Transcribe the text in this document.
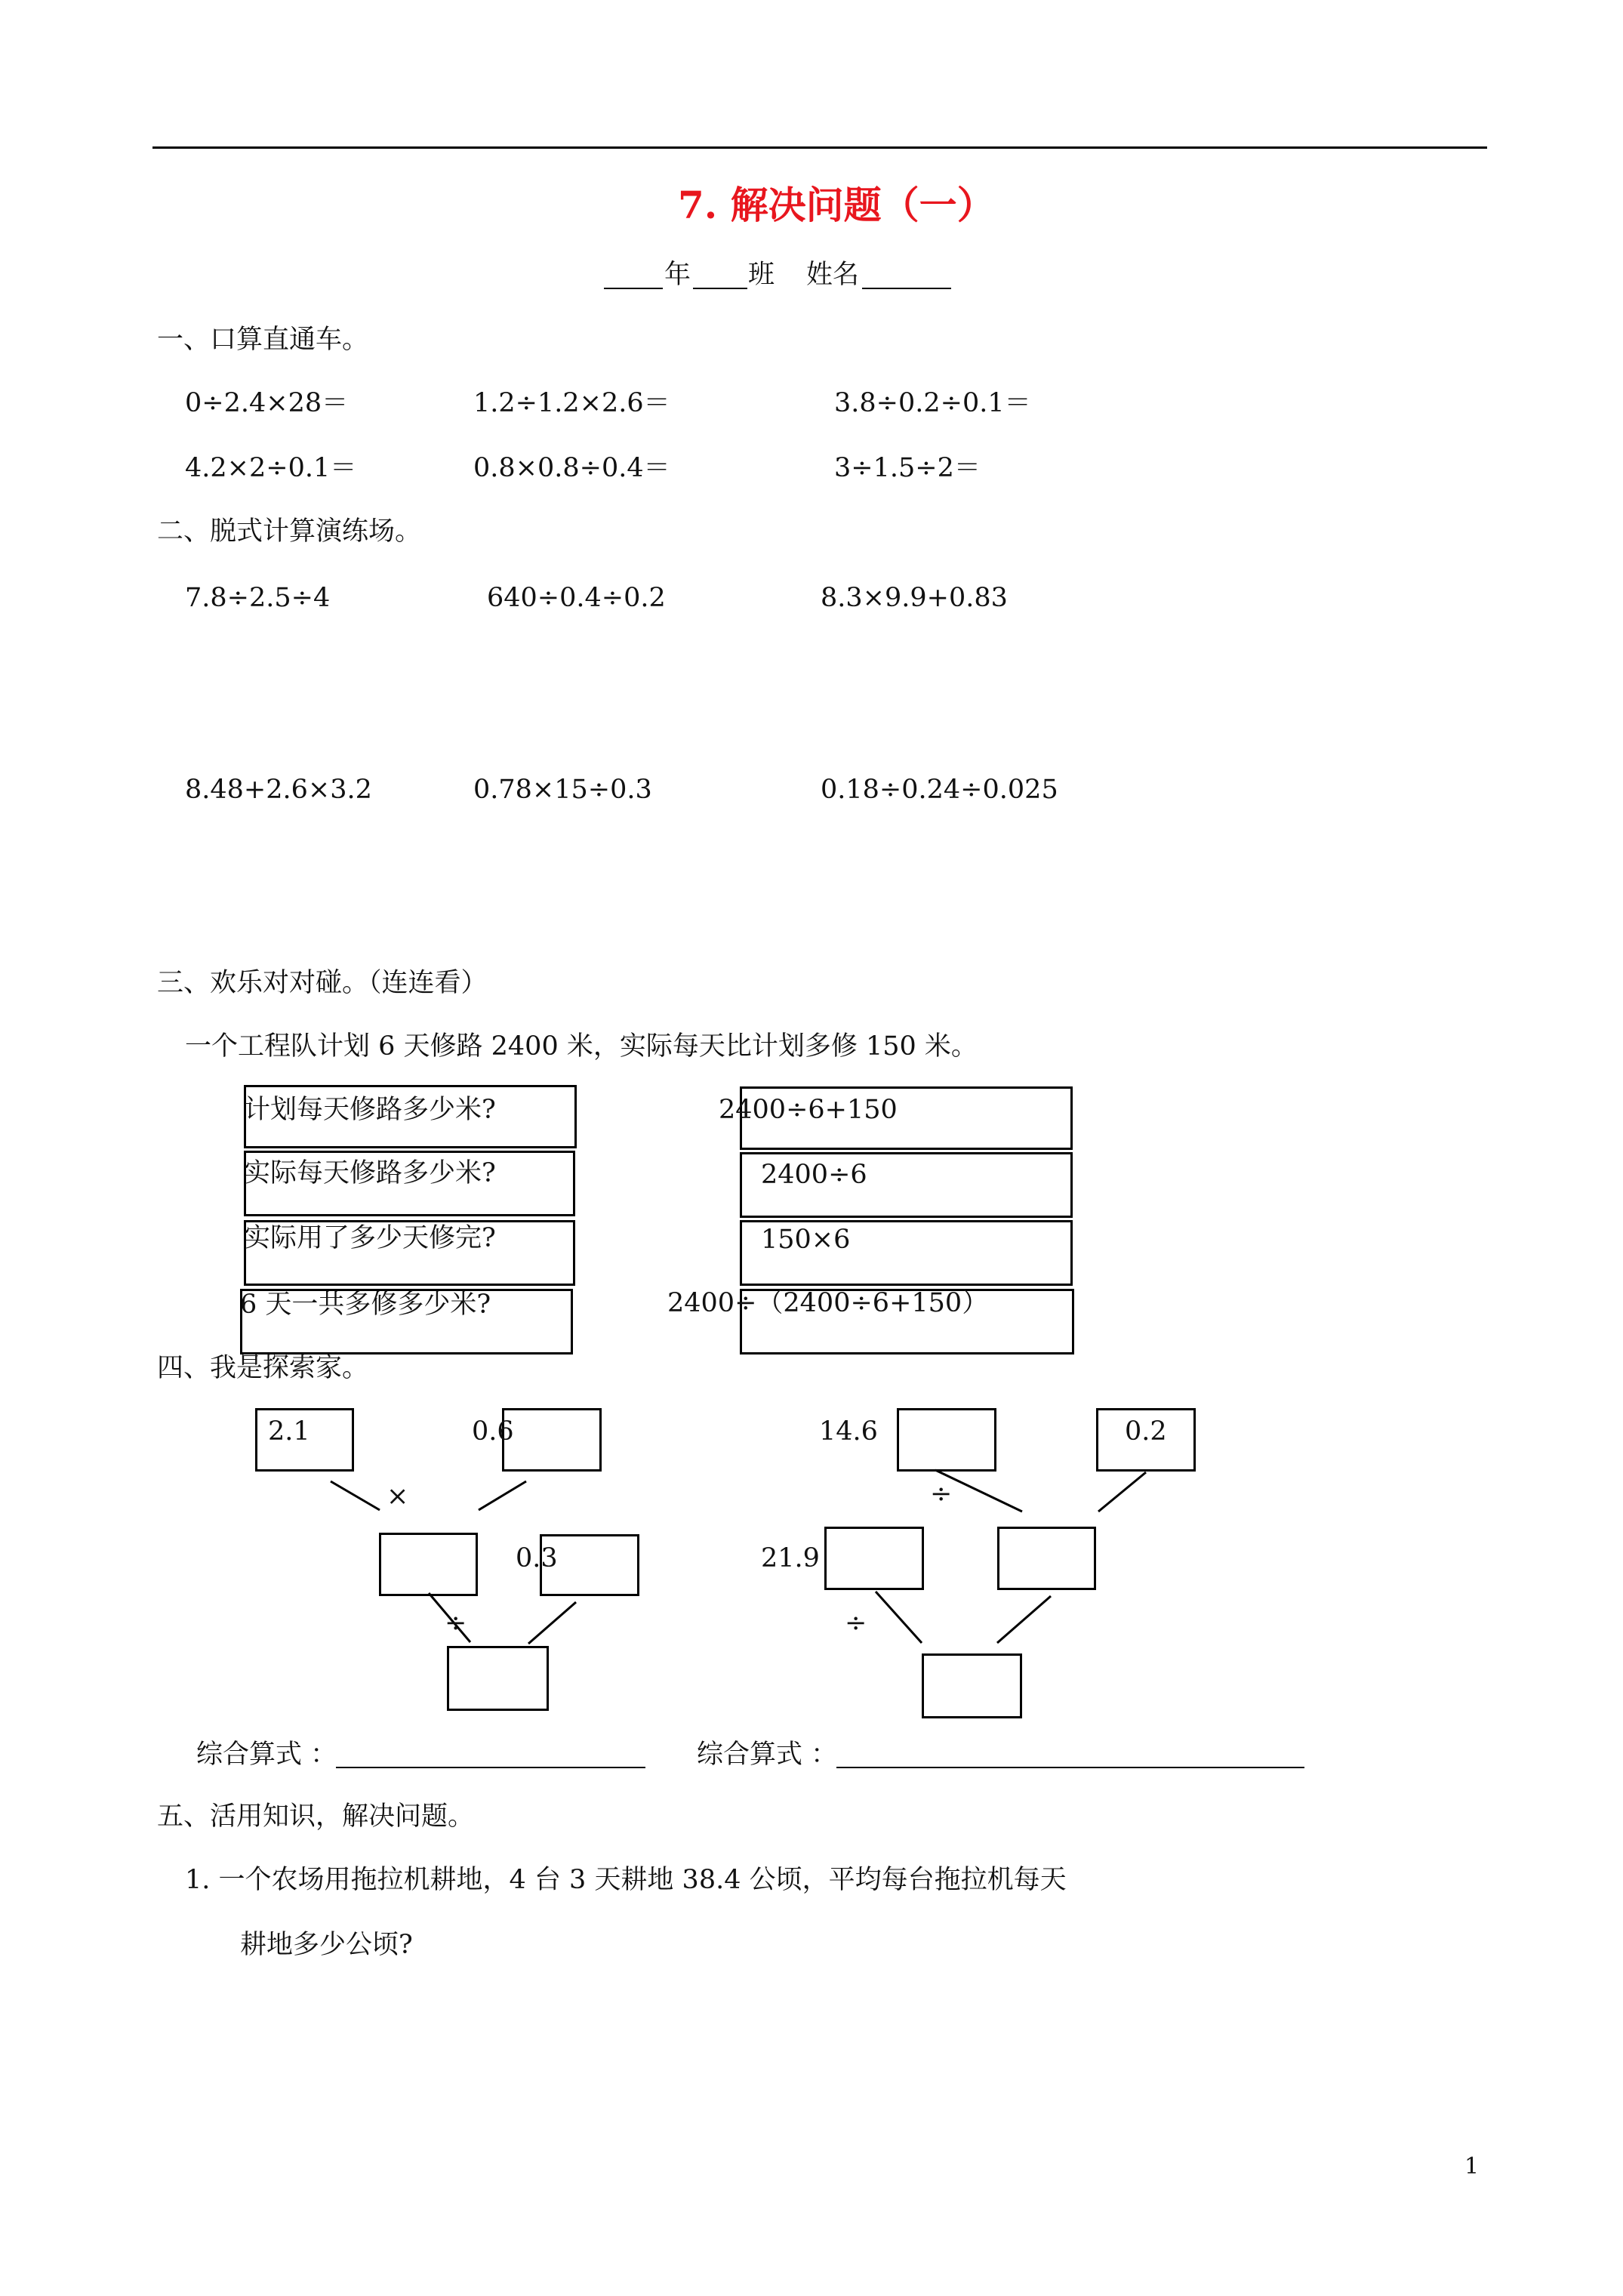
7. 解决问题（一）
年 班 姓名
一、口算直通车。
0÷2.4×28＝	1.2÷1.2×2.6＝	3.8÷0.2÷0.1＝
4.2×2÷0.1＝	0.8×0.8÷0.4＝	3÷1.5÷2＝
二、脱式计算演练场。
7.8÷2.5÷4	640÷0.4÷0.2	8.3×9.9+0.83
8.48+2.6×3.2	0.78×15÷0.3	0.18÷0.24÷0.025
三、欢乐对对碰。（连连看）
一个工程队计划 6 天修路 2400 米，实际每天比计划多修 150 米。
计划每天修路多少米?
实际每天修路多少米?
实际用了多少天修完?
6 天一共多修多少米?
2400÷6+150
2400÷6
150×6
2400÷（2400÷6+150）
四、我是探索家。
2.1	0.6
×
0.3
÷
14.6	0.2
÷
21.9
÷
综合算式 ：	综合算式 ：
五、活用知识，解决问题。
1. 一个农场用拖拉机耕地，4 台 3 天耕地 38.4 公顷，平均每台拖拉机每天
耕地多少公顷?
1
